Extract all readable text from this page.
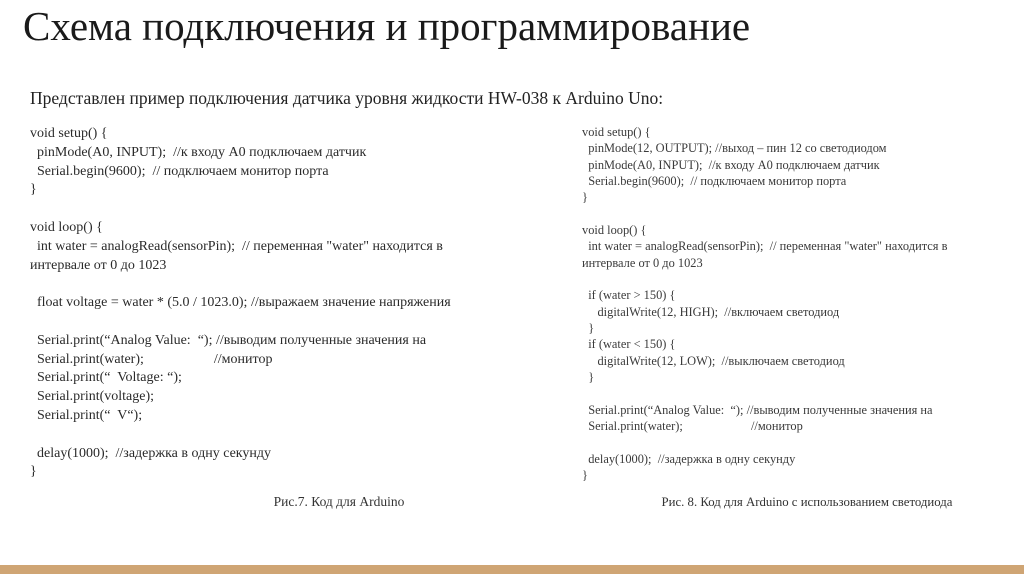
Схема подключения и программирование
Представлен пример подключения датчика уровня жидкости HW-038 к Arduino Uno:
void setup() {
pinMode(A0, INPUT);  //к входу А0 подключаем датчик
Serial.begin(9600);  // подключаем монитор порта
}
void loop() {
int water = analogRead(sensorPin);  // переменная "water" находится в
интервале от 0 до 1023
float voltage = water * (5.0 / 1023.0); //выражаем значение напряжения
Serial.print(“Analog Value:  “); //выводим полученные значения на
Serial.print(water);                    //монитор
Serial.print(“  Voltage: “);
Serial.print(voltage);
Serial.print(“  V“);
delay(1000);  //задержка в одну секунду
}
Рис.7. Код для Arduino
void setup() {
pinMode(12, OUTPUT); //выход – пин 12 со светодиодом
pinMode(A0, INPUT);  //к входу А0 подключаем датчик
Serial.begin(9600);  // подключаем монитор порта
}
void loop() {
int water = analogRead(sensorPin);  // переменная "water" находится в
интервале от 0 до 1023
if (water > 150) {
digitalWrite(12, HIGH);  //включаем светодиод
}
if (water < 150) {
digitalWrite(12, LOW);  //выключаем светодиод
}
Serial.print(“Analog Value:  “); //выводим полученные значения на
Serial.print(water);                      //монитор
delay(1000);  //задержка в одну секунду
}
Рис. 8. Код для Arduino с использованием светодиода
